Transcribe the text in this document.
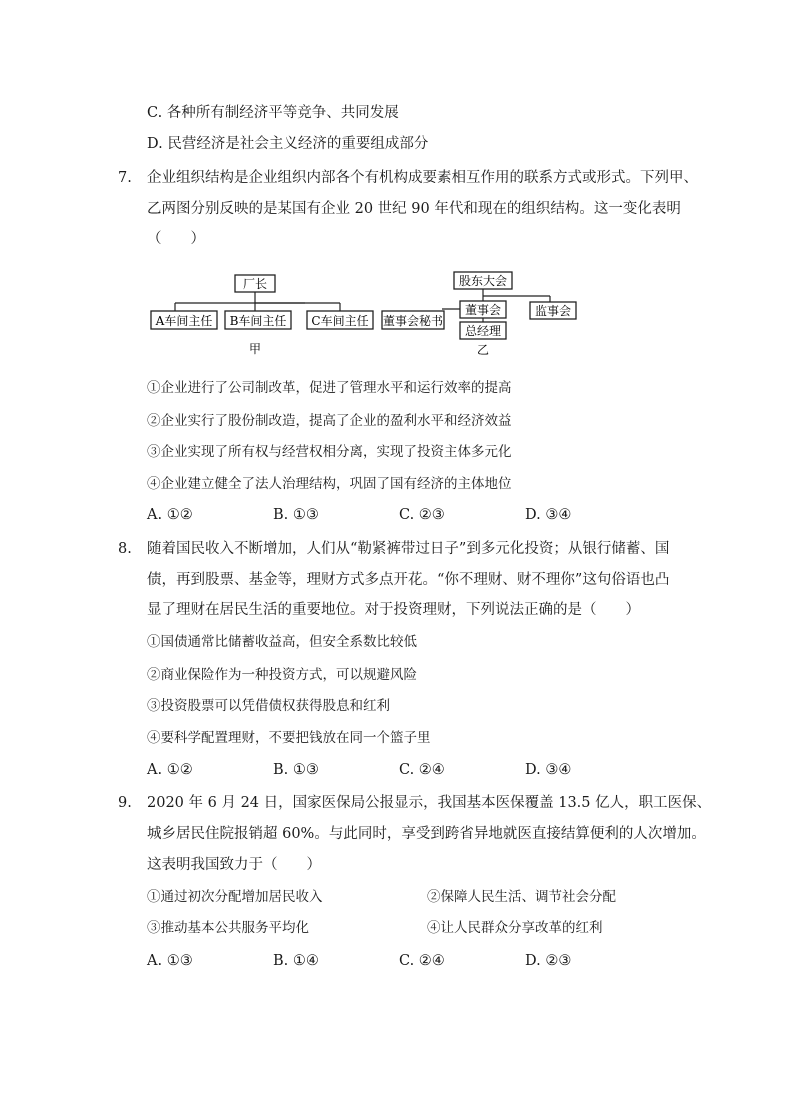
C. 各种所有制经济平等竞争、共同发展
D. 民营经济是社会主义经济的重要组成部分
7. 企业组织结构是企业组织内部各个有机构成要素相互作用的联系方式或形式。下列甲、
乙两图分别反映的是某国有企业 20 世纪 90 年代和现在的组织结构。这一变化表明
（　　）
厂长
A车间主任 B车间主任 C车间主任
甲
股东大会
董事会	监事会
董事会秘书
总经理
乙
①企业进行了公司制改革，促进了管理水平和运行效率的提高
②企业实行了股份制改造，提高了企业的盈利水平和经济效益
③企业实现了所有权与经营权相分离，实现了投资主体多元化
④企业建立健全了法人治理结构，巩固了国有经济的主体地位
A. ①②	B. ①③	C. ②③	D. ③④
8. 随着国民收入不断增加，人们从“勒紧裤带过日子”到多元化投资；从银行储蓄、国
债，再到股票、基金等，理财方式多点开花。“你不理财、财不理你”这句俗语也凸
显了理财在居民生活的重要地位。对于投资理财，下列说法正确的是（　　）
①国债通常比储蓄收益高，但安全系数比较低
②商业保险作为一种投资方式，可以规避风险
③投资股票可以凭借债权获得股息和红利
④要科学配置理财，不要把钱放在同一个篮子里
A. ①②	B. ①③	C. ②④	D. ③④
9. 2020 年 6 月 24 日，国家医保局公报显示，我国基本医保覆盖 13.5 亿人，职工医保、
城乡居民住院报销超 60%。与此同时，享受到跨省异地就医直接结算便利的人次增加。
这表明我国致力于（　　）
①通过初次分配增加居民收入	②保障人民生活、调节社会分配
③推动基本公共服务平均化	④让人民群众分享改革的红利
A. ①③	B. ①④	C. ②④	D. ②③
